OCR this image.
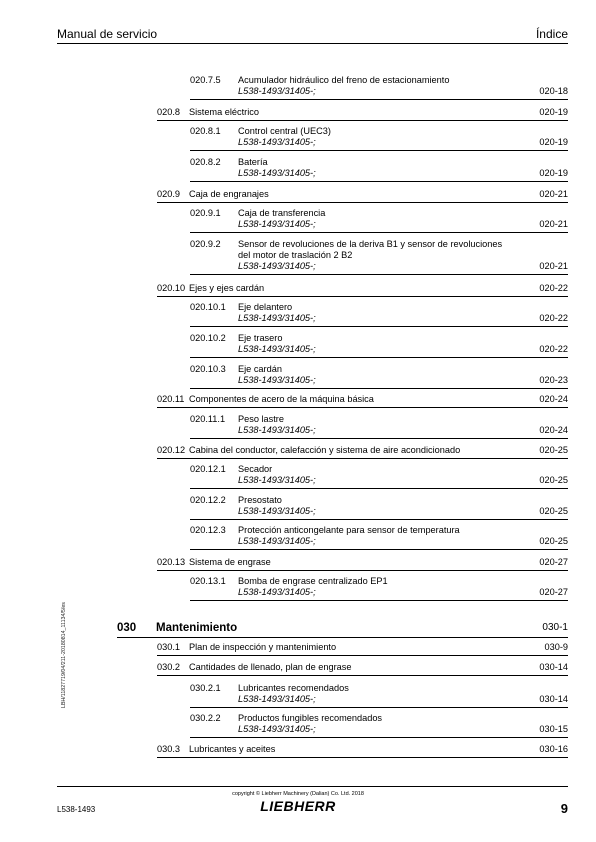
Manual de servicio	Índice
020.7.5 Acumulador hidráulico del freno de estacionamiento
L538-1493/31405-;	020-18
020.8 Sistema eléctrico	020-19
020.8.1 Control central (UEC3)
L538-1493/31405-;	020-19
020.8.2 Batería
L538-1493/31405-;	020-19
020.9 Caja de engranajes	020-21
020.9.1 Caja de transferencia
L538-1493/31405-;	020-21
020.9.2 Sensor de revoluciones de la deriva B1 y sensor de revoluciones
del motor de traslación 2 B2
L538-1493/31405-;	020-21
020.10 Ejes y ejes cardán	020-22
020.10.1 Eje delantero
L538-1493/31405-;	020-22
020.10.2 Eje trasero
L538-1493/31405-;	020-22
020.10.3 Eje cardán
L538-1493/31405-;	020-23
020.11 Componentes de acero de la máquina básica	020-24
020.11.1 Peso lastre
L538-1493/31405-;	020-24
020.12 Cabina del conductor, calefacción y sistema de aire acondicionado	020-25
020.12.1 Secador
L538-1493/31405-;	020-25
020.12.2 Presostato
L538-1493/31405-;	020-25
020.12.3 Protección anticongelante para sensor de temperatura
L538-1493/31405-;	020-25
020.13 Sistema de engrase	020-27
020.13.1 Bomba de engrase centralizado EP1
L538-1493/31405-;	020-27
030 Mantenimiento	030-1
030.1 Plan de inspección y mantenimiento	030-9
030.2 Cantidades de llenado, plan de engrase	030-14
030.2.1 Lubricantes recomendados
L538-1493/31405-;	030-14
030.2.2 Productos fungibles recomendados
L538-1493/31405-;	030-15
030.3 Lubricantes y aceites	030-16
LBH/11827719/04/211-20180814_11134/5/es
copyright © Liebherr Machinery (Dalian) Co. Ltd. 2018
LIEBHERR
L538-1493	9
